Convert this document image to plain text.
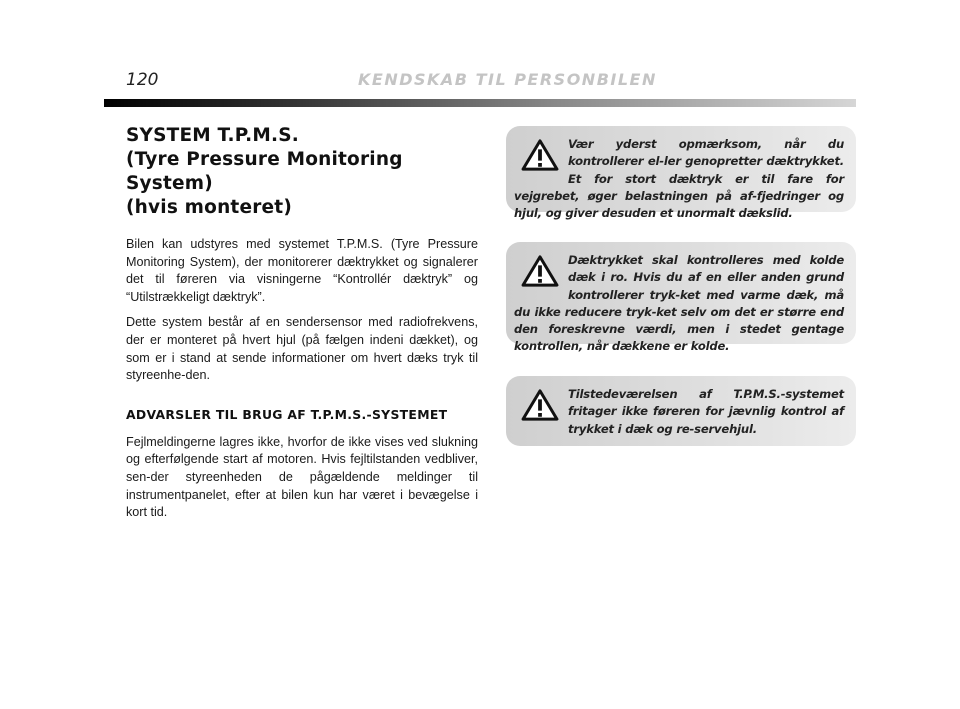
120	KENDSKAB TIL PERSONBILEN
SYSTEM T.P.M.S.
(Tyre Pressure Monitoring System)
(hvis monteret)

Bilen kan udstyres med systemet T.P.M.S. (Tyre Pressure Monitoring System), der monitorerer dæktrykket og signalerer det til føreren via visningerne “Kontrollér dæktryk” og “Utilstrækkeligt dæktryk”.

Dette system består af en sendersensor med radiofrekvens, der er monteret på hvert hjul (på fælgen indeni dækket), og som er i stand at sende informationer om hvert dæks tryk til styreenhe-den.

ADVARSLER TIL BRUG AF T.P.M.S.-SYSTEMET

Fejlmeldingerne lagres ikke, hvorfor de ikke vises ved slukning og efterfølgende start af motoren. Hvis fejltilstanden vedbliver, sen-der styreenheden de pågældende meldinger til instrumentpanelet, efter at bilen kun har været i bevægelse i kort tid.

Vær yderst opmærksom, når du kontrollerer el-ler genopretter dæktrykket. Et for stort dæktryk er til fare for vejgrebet, øger belastningen på af-fjedringer og hjul, og giver desuden et unormalt dækslid.

Dæktrykket skal kontrolleres med kolde dæk i ro. Hvis du af en eller anden grund kontrollerer tryk-ket med varme dæk, må du ikke reducere tryk-ket selv om det er større end den foreskrevne værdi, men i stedet gentage kontrollen, når dækkene er kolde.

Tilstedeværelsen af T.P.M.S.-systemet fritager ikke føreren for jævnlig kontrol af trykket i dæk og re-servehjul.
